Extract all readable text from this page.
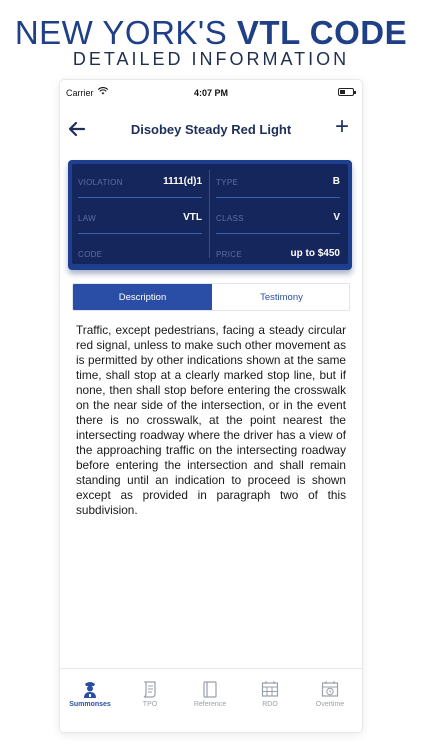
NEW YORK'S VTL CODE
DETAILED INFORMATION
Carrier	4:07 PM
Disobey Steady Red Light	+
VIOLATION	1111(d)1
LAW	VTL
CODE
TYPE	B
CLASS	V
PRICE	up to $450
Description	Testimony
Traffic, except pedestrians, facing a steady circular red signal, unless to make such other movement as is permitted by other indications shown at the same time, shall stop at a clearly marked stop line, but if none, then shall stop before entering the crosswalk on the near side of the intersection, or in the event there is no crosswalk, at the point nearest the intersecting roadway where the driver has a view of the approaching traffic on the intersecting roadway before entering the intersection and shall remain standing until an indication to proceed is shown except as provided in paragraph two of this subdivision.
Summonses	TPO	Reference	RDO	Overtime
